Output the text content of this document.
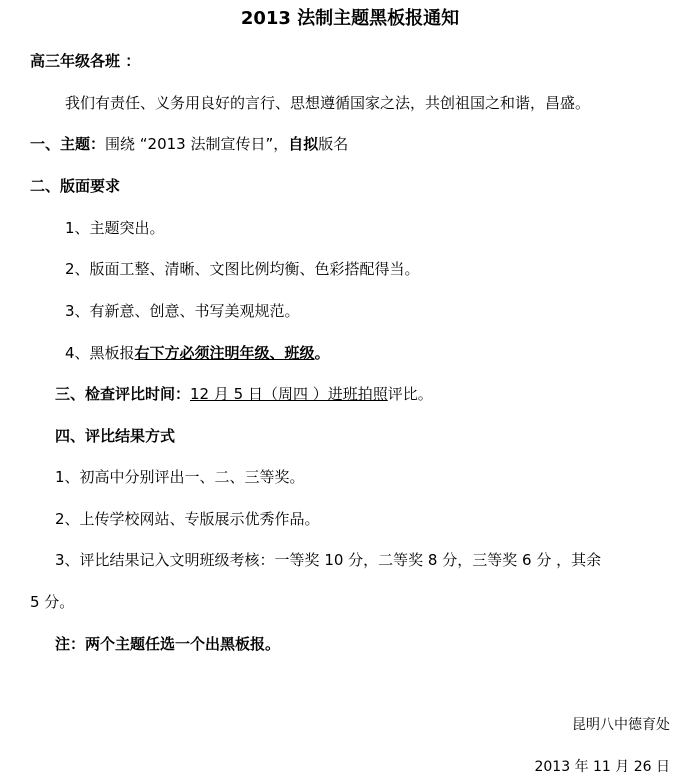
2013 法制主题黑板报通知
高三年级各班 ：
我们有责任、义务用良好的言行、思想遵循国家之法，共创祖国之和谐，昌盛。
一、主题：围绕 “2013 法制宣传日”，自拟版名
二、版面要求
1、主题突出。
2、版面工整、清晰、文图比例均衡、色彩搭配得当。
3、有新意、创意、书写美观规范。
4、黑板报右下方必须注明年级、班级。
三、检查评比时间：12 月 5 日（周四 ）进班拍照评比。
四、评比结果方式
1、初高中分别评出一、二、三等奖。
2、上传学校网站、专版展示优秀作品。
3、评比结果记入文明班级考核：一等奖 10 分，二等奖 8 分，三等奖 6 分 ，其余
5 分。
注：两个主题任选一个出黑板报。
昆明八中德育处
2013 年 11 月 26 日
